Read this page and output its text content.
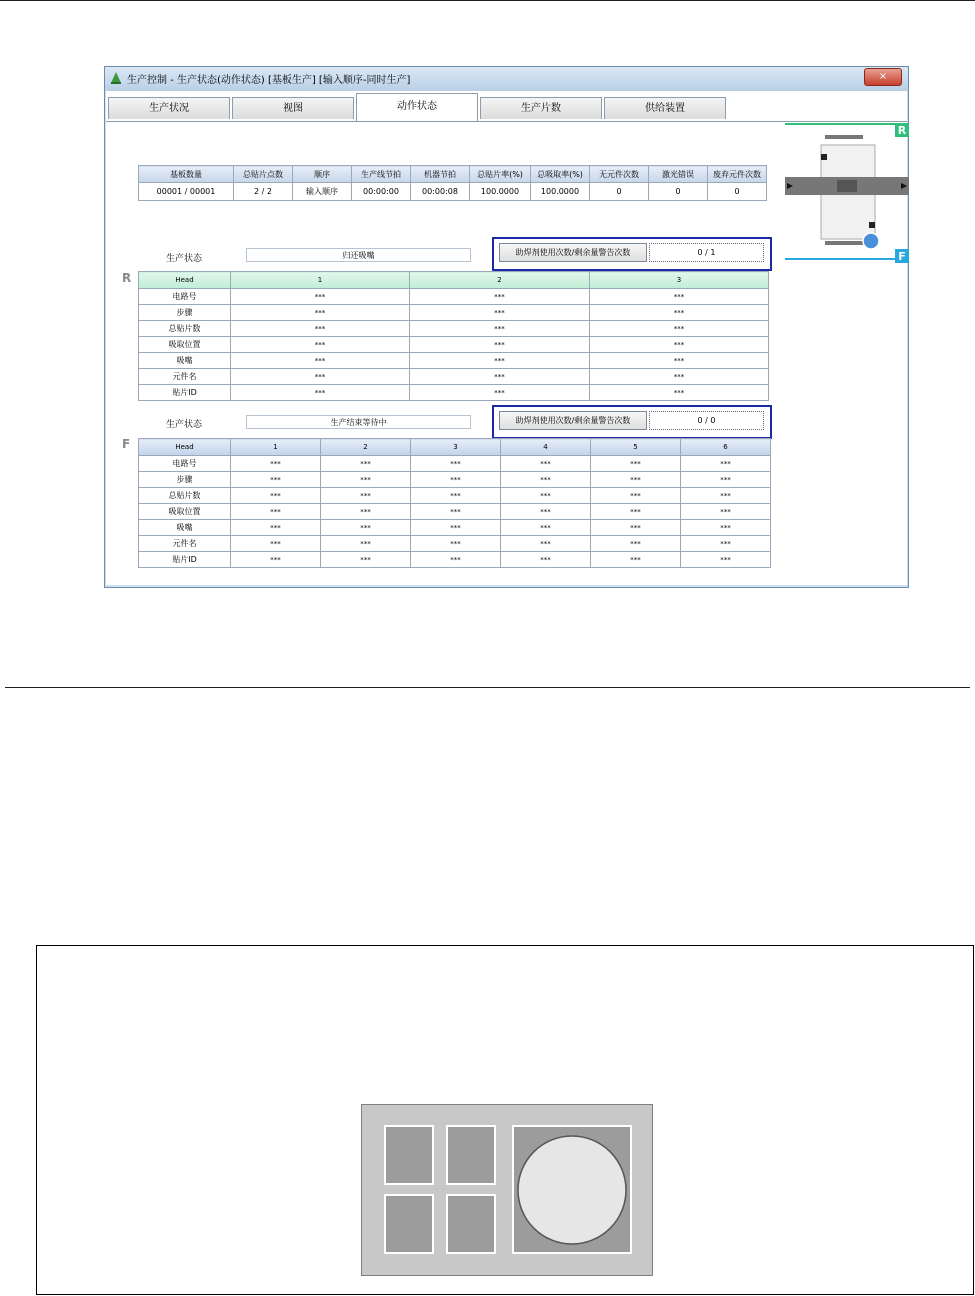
生产控制 - 生产状态(动作状态) [基板生产] [输入顺序-同时生产]	×
生产状况	视图	动作状态	生产片数	供给装置
基板数量	总贴片点数	顺序	生产线节拍	机器节拍	总贴片率(%)	总吸取率(%)	无元件次数	激光错误	废弃元件次数
00001 / 00001	2 / 2	输入顺序	00:00:00	00:00:08	100.0000	100.0000	0	0	0
R
F
生产状态	归还吸嘴	助焊剂使用次数/剩余量警告次数	0 / 1
R	Head	1	2	3
电路号	***	***	***
步骤	***	***	***
总贴片数	***	***	***
吸取位置	***	***	***
吸嘴	***	***	***
元件名	***	***	***
贴片ID	***	***	***
生产状态	生产结束等待中	助焊剂使用次数/剩余量警告次数	0 / 0
F	Head	1	2	3	4	5	6
电路号	***	***	***	***	***	***
步骤	***	***	***	***	***	***
总贴片数	***	***	***	***	***	***
吸取位置	***	***	***	***	***	***
吸嘴	***	***	***	***	***	***
元件名	***	***	***	***	***	***
贴片ID	***	***	***	***	***	***
